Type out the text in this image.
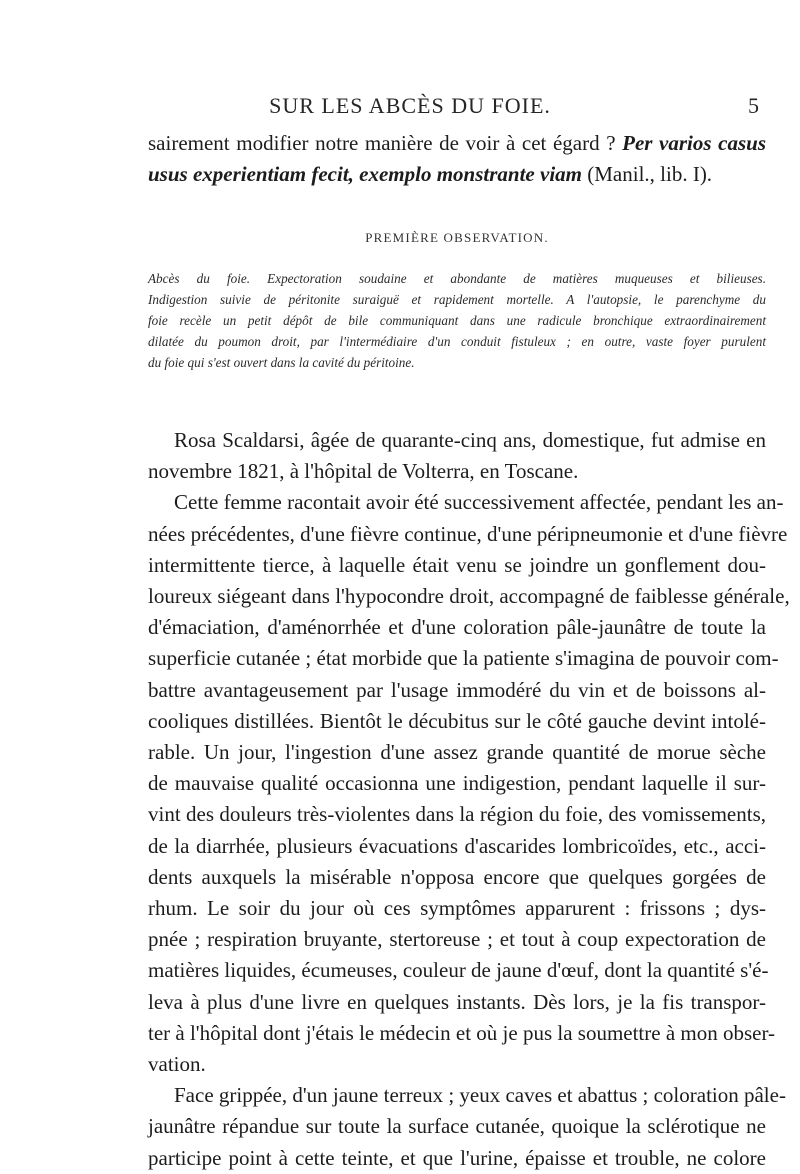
SUR LES ABCÈS DU FOIE.	5
sairement modifier notre manière de voir à cet égard ? Per varios casus
usus experientiam fecit, exemplo monstrante viam (Manil., lib. I).
PREMIÈRE OBSERVATION.
Abcès du foie. Expectoration soudaine et abondante de matières muqueuses et bilieuses.
Indigestion suivie de péritonite suraiguë et rapidement mortelle. A l'autopsie, le parenchyme du
foie recèle un petit dépôt de bile communiquant dans une radicule bronchique extraordinairement
dilatée du poumon droit, par l'intermédiaire d'un conduit fistuleux ; en outre, vaste foyer purulent
du foie qui s'est ouvert dans la cavité du péritoine.
Rosa Scaldarsi, âgée de quarante-cinq ans, domestique, fut admise en
novembre 1821, à l'hôpital de Volterra, en Toscane.
Cette femme racontait avoir été successivement affectée, pendant les an-
nées précédentes, d'une fièvre continue, d'une péripneumonie et d'une fièvre
intermittente tierce, à laquelle était venu se joindre un gonflement dou-
loureux siégeant dans l'hypocondre droit, accompagné de faiblesse générale,
d'émaciation, d'aménorrhée et d'une coloration pâle-jaunâtre de toute la
superficie cutanée ; état morbide que la patiente s'imagina de pouvoir com-
battre avantageusement par l'usage immodéré du vin et de boissons al-
cooliques distillées. Bientôt le décubitus sur le côté gauche devint intolé-
rable. Un jour, l'ingestion d'une assez grande quantité de morue sèche
de mauvaise qualité occasionna une indigestion, pendant laquelle il sur-
vint des douleurs très-violentes dans la région du foie, des vomissements,
de la diarrhée, plusieurs évacuations d'ascarides lombricoïdes, etc., acci-
dents auxquels la misérable n'opposa encore que quelques gorgées de
rhum. Le soir du jour où ces symptômes apparurent : frissons ; dys-
pnée ; respiration bruyante, stertoreuse ; et tout à coup expectoration de
matières liquides, écumeuses, couleur de jaune d'œuf, dont la quantité s'é-
leva à plus d'une livre en quelques instants. Dès lors, je la fis transpor-
ter à l'hôpital dont j'étais le médecin et où je pus la soumettre à mon obser-
vation.
Face grippée, d'un jaune terreux ; yeux caves et abattus ; coloration pâle-
jaunâtre répandue sur toute la surface cutanée, quoique la sclérotique ne
participe point à cette teinte, et que l'urine, épaisse et trouble, ne colore
